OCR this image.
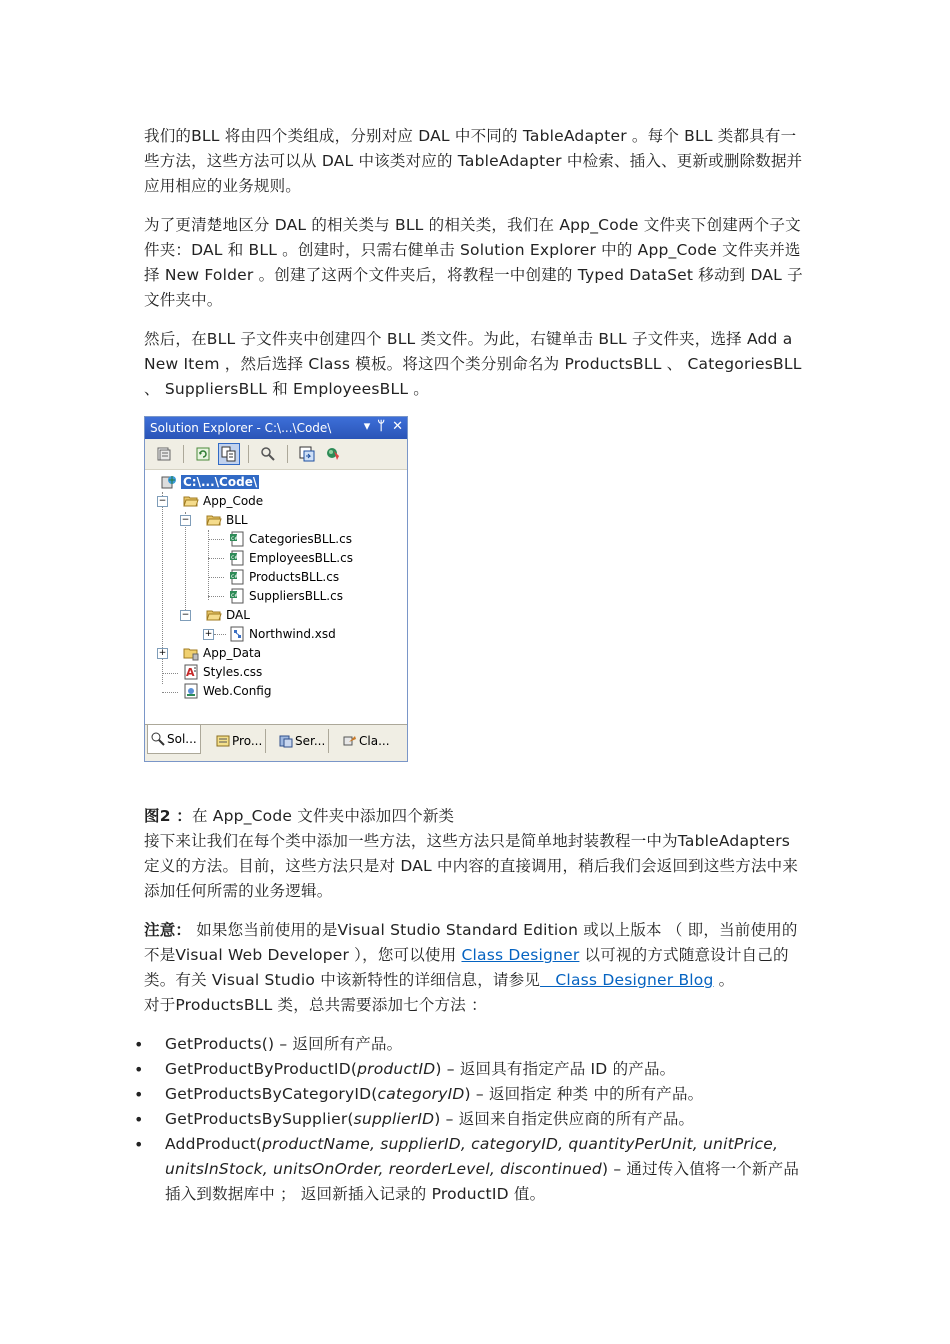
我们的BLL 将由四个类组成，分别对应 DAL 中不同的 TableAdapter 。每个 BLL 类都具有一些方法，这些方法可以从 DAL 中该类对应的 TableAdapter 中检索、插入、更新或删除数据并应用相应的业务规则。

为了更清楚地区分 DAL 的相关类与 BLL 的相关类，我们在 App_Code 文件夹下创建两个子文件夹：DAL 和 BLL 。创建时，只需右健单击 Solution Explorer 中的 App_Code 文件夹并选择 New Folder 。创建了这两个文件夹后，将教程一中创建的 Typed DataSet 移动到 DAL 子文件夹中。

然后，在BLL 子文件夹中创建四个 BLL 类文件。为此，右键单击 BLL 子文件夹，选择 Add a New Item ，然后选择 Class 模板。将这四个类分别命名为 ProductsBLL 、 CategoriesBLL 、 SuppliersBLL 和 EmployeesBLL 。

Solution Explorer - C:\...\Code\ ▾ ᛘ ✕
C:\...\Code\
−	App_Code
−	BLL
c# CategoriesBLL.cs
c# EmployeesBLL.cs
c# ProductsBLL.cs
c# SuppliersBLL.cs
−	DAL
+	Northwind.xsd
+	App_Data
A Styles.css
Web.Config
Sol...	Pro...	Ser...	Cla...

图2 ：在 App_Code 文件夹中添加四个新类

接下来让我们在每个类中添加一些方法，这些方法只是简单地封装教程一中为TableAdapters 定义的方法。目前，这些方法只是对 DAL 中内容的直接调用，稍后我们会返回到这些方法中来添加任何所需的业务逻辑。

注意： 如果您当前使用的是Visual Studio Standard Edition 或以上版本 （ 即，当前使用的不是Visual Web Developer ），您可以使用 Class Designer 以可视的方式随意设计自己的类。有关 Visual Studio 中该新特性的详细信息，请参见   Class Designer Blog 。

对于ProductsBLL 类，总共需要添加七个方法 ：

• GetProducts() – 返回所有产品。
• GetProductByProductID(productID) – 返回具有指定产品 ID 的产品。
• GetProductsByCategoryID(categoryID) – 返回指定 种类 中的所有产品。
• GetProductsBySupplier(supplierID) – 返回来自指定供应商的所有产品。
• AddProduct(productName, supplierID, categoryID, quantityPerUnit, unitPrice, unitsInStock, unitsOnOrder, reorderLevel, discontinued) – 通过传入值将一个新产品插入到数据库中 ； 返回新插入记录的 ProductID 值。
